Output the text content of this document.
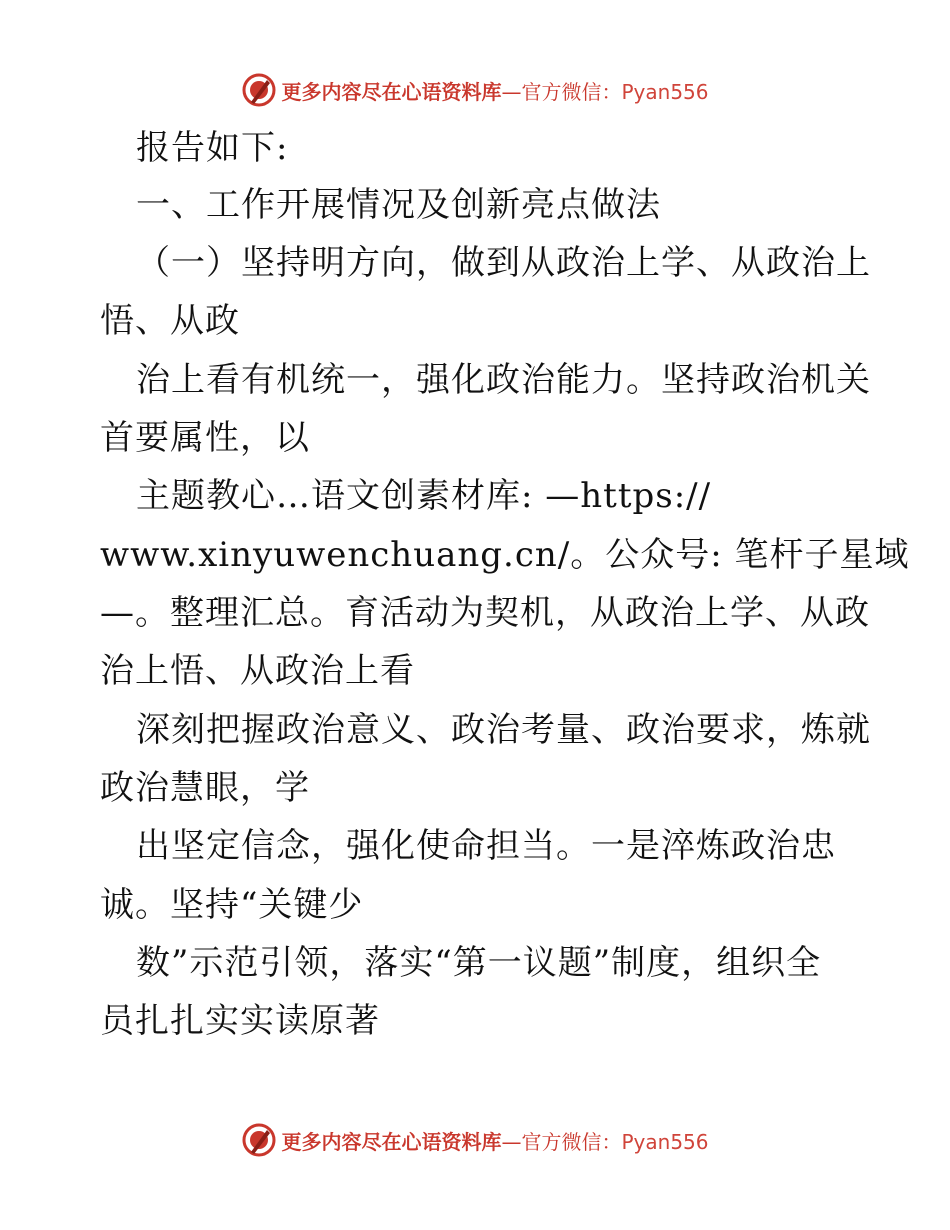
更多内容尽在心语资料库—官方微信：Pyan556
报告如下:
一、工作开展情况及创新亮点做法
（一）坚持明方向，做到从政治上学、从政治上
悟、从政
治上看有机统一，强化政治能力。坚持政治机关
首要属性，以
主题教心…语文创素材库: —https://
www.xinyuwenchuang.cn/。公众号: 笔杆子星域
—。整理汇总。育活动为契机，从政治上学、从政
治上悟、从政治上看
深刻把握政治意义、政治考量、政治要求，炼就
政治慧眼，学
出坚定信念，强化使命担当。一是淬炼政治忠
诚。坚持“关键少
数”示范引领，落实“第一议题”制度，组织全
员扎扎实实读原著
更多内容尽在心语资料库—官方微信：Pyan556
